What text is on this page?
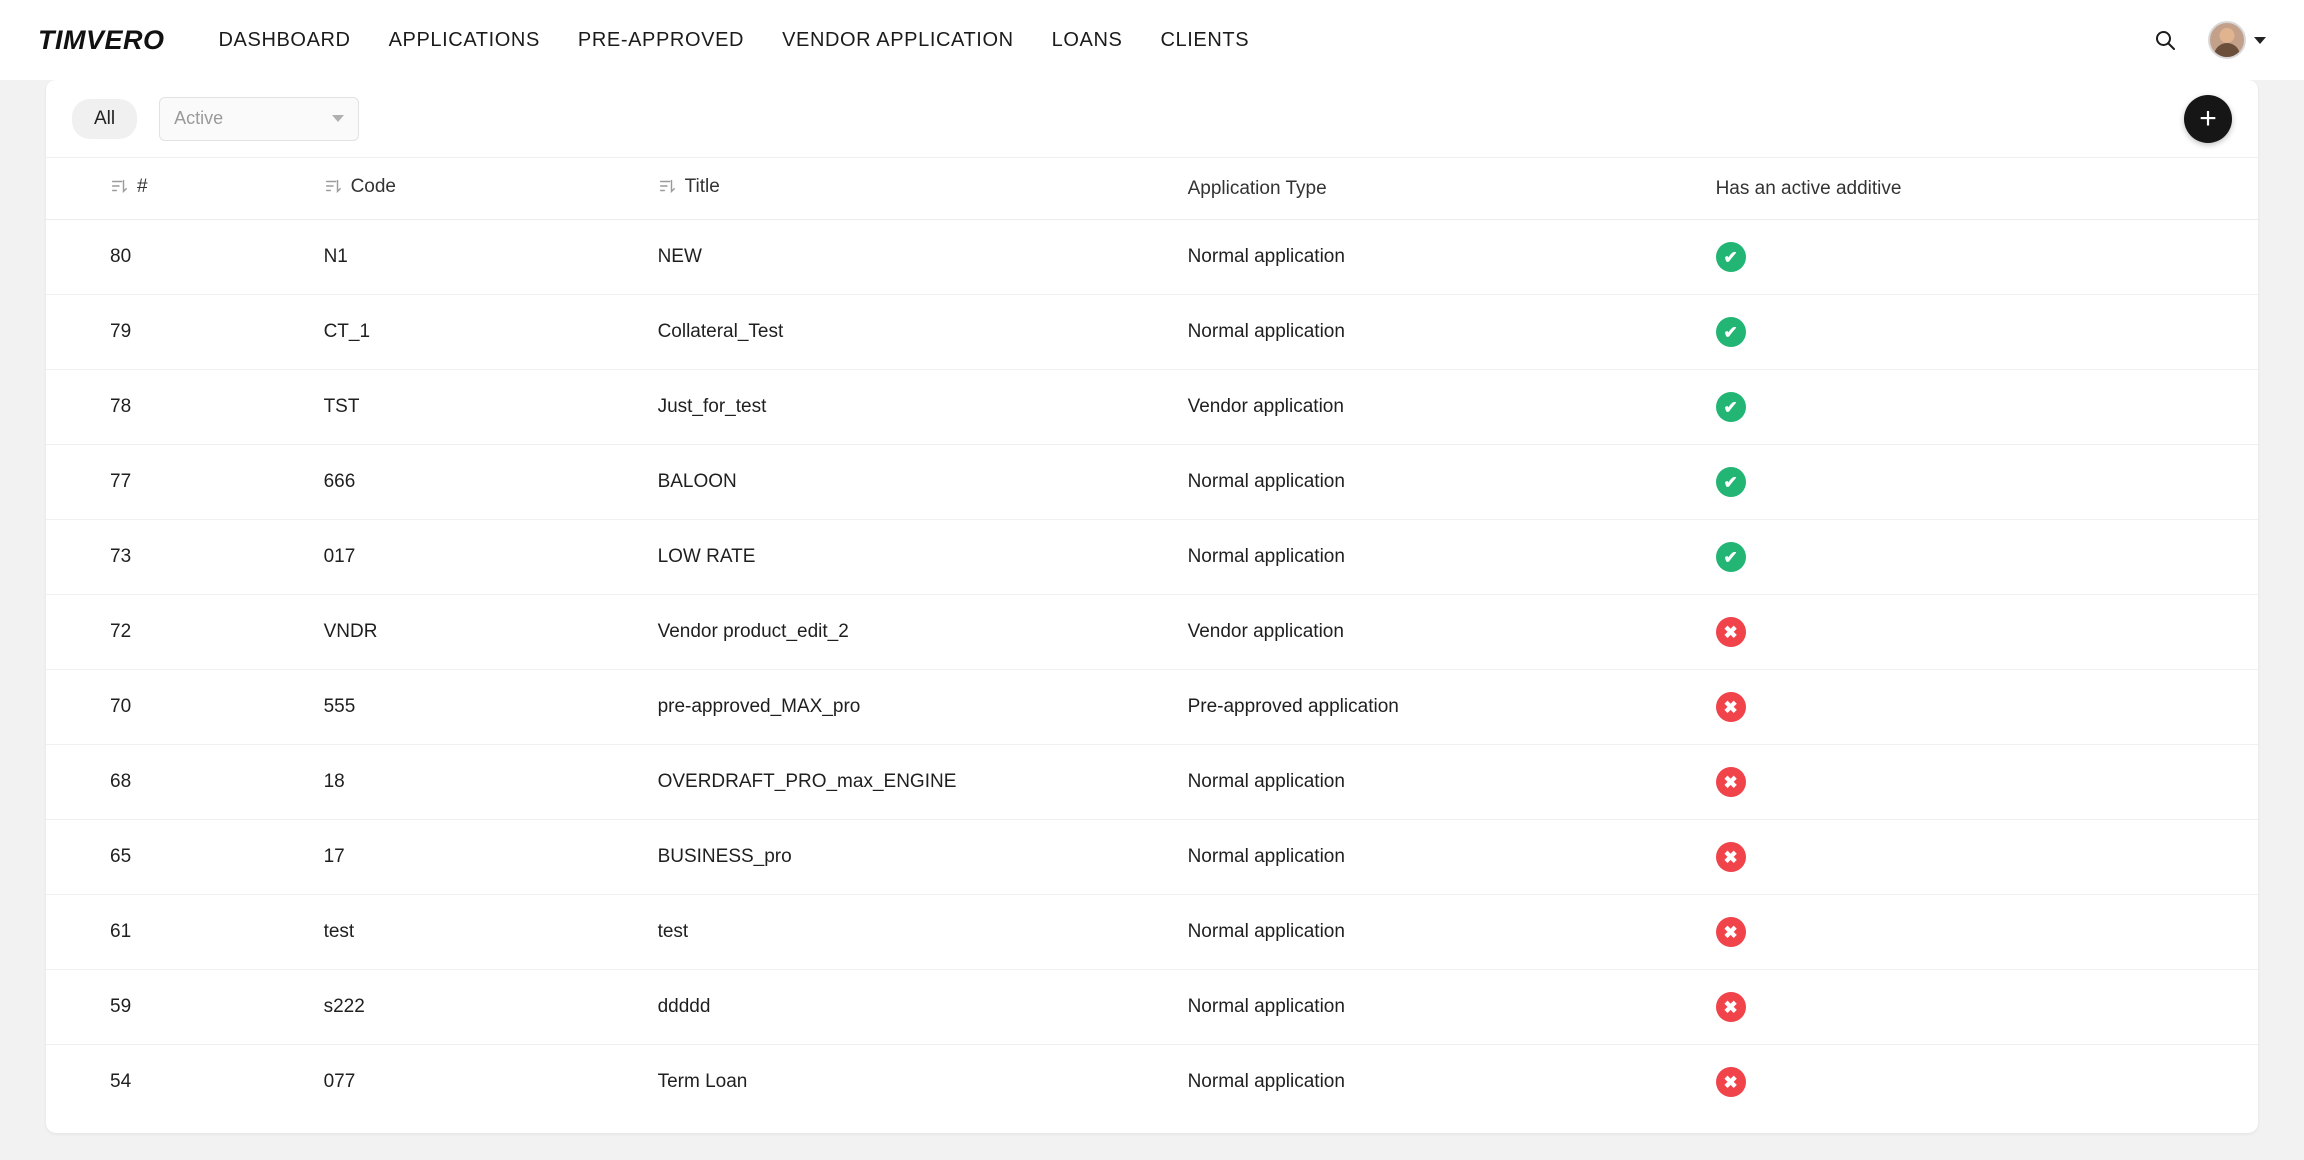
TIMVERO	DASHBOARD APPLICATIONS PRE-APPROVED VENDOR APPLICATION LOANS CLIENTS
All	Active	+
#	Code	Title	Application Type	Has an active additive
80	N1	NEW	Normal application	✔
79	CT_1	Collateral_Test	Normal application	✔
78	TST	Just_for_test	Vendor application	✔
77	666	BALOON	Normal application	✔
73	017	LOW RATE	Normal application	✔
72	VNDR	Vendor product_edit_2	Vendor application	✖
70	555	pre-approved_MAX_pro	Pre-approved application	✖
68	18	OVERDRAFT_PRO_max_ENGINE	Normal application	✖
65	17	BUSINESS_pro	Normal application	✖
61	test	test	Normal application	✖
59	s222	ddddd	Normal application	✖
54	077	Term Loan	Normal application	✖
